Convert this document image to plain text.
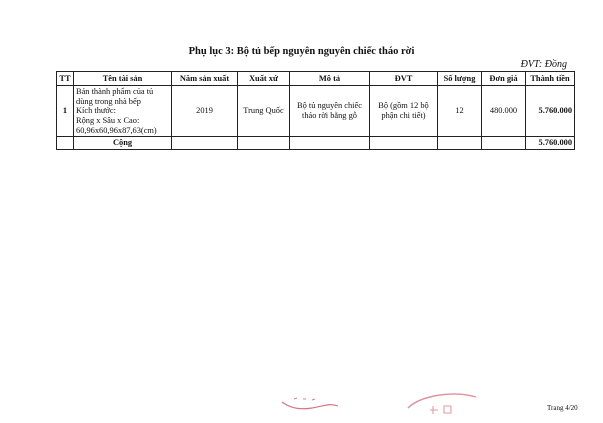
Phụ lục 3: Bộ tủ bếp nguyên nguyên chiếc tháo rời
ĐVT: Đồng
TT	Tên tài sản	Năm sản xuất	Xuất xứ	Mô tả	ĐVT	Số lượng	Đơn giá	Thành tiền
1	Bán thành phẩm của tủ
dùng trong nhà bếp
Kích thước:
Rộng x Sâu x Cao:
60,96x60,96x87,63(cm)	2019	Trung Quốc	Bộ tủ nguyên chiếc tháo rời bằng gỗ	Bộ (gồm 12 bộ phận chi tiết)	12	480.000	5.760.000
	Cộng							5.760.000
Trang 4/20
